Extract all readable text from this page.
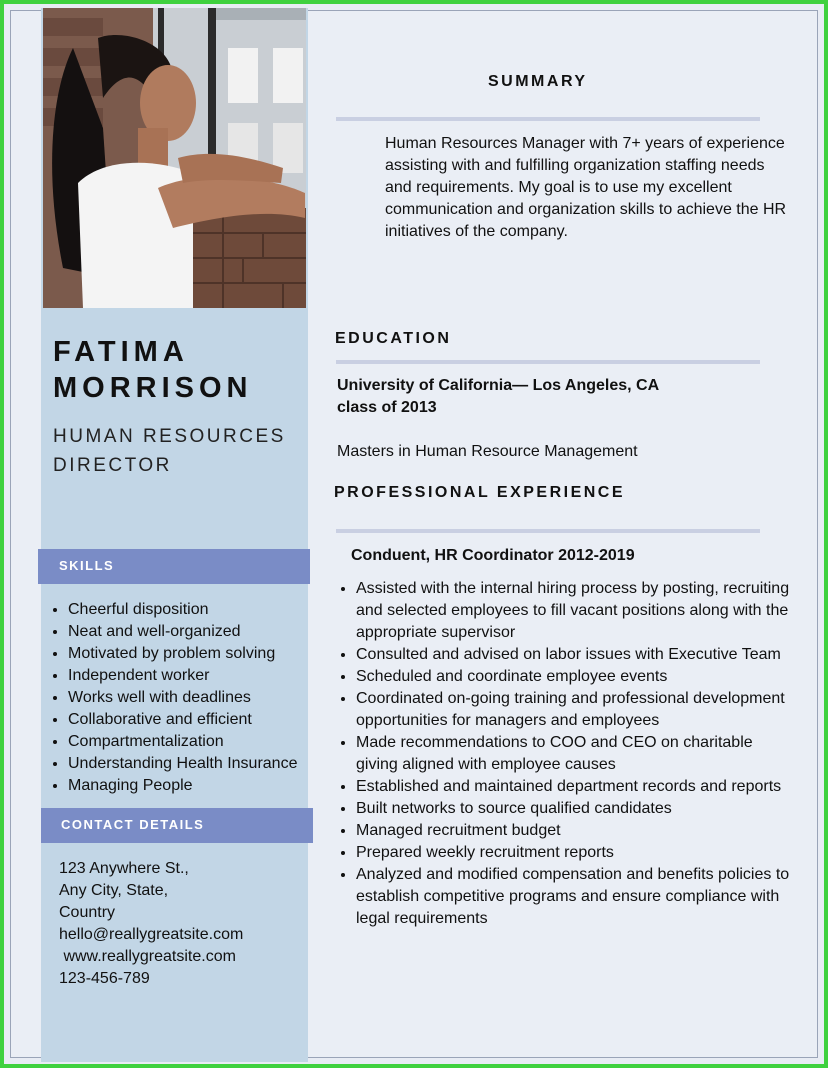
FATIMA
MORRISON
HUMAN RESOURCES
DIRECTOR
SKILLS
• Cheerful disposition
• Neat and well-organized
• Motivated by problem solving
• Independent worker
• Works well with deadlines
• Collaborative and efficient
• Compartmentalization
• Understanding Health Insurance
• Managing People
CONTACT DETAILS
123 Anywhere St.,
Any City, State,
Country
hello@reallygreatsite.com
www.reallygreatsite.com
123-456-789
SUMMARY
Human Resources Manager with 7+ years of experience assisting with and fulfilling organization staffing needs and requirements. My goal is to use my excellent communication and organization skills to achieve the HR initiatives of the company.
EDUCATION
University of California— Los Angeles, CA
class of 2013
Masters in Human Resource Management
PROFESSIONAL EXPERIENCE
Conduent, HR Coordinator 2012-2019
• Assisted with the internal hiring process by posting, recruiting and selected employees to fill vacant positions along with the appropriate supervisor
• Consulted and advised on labor issues with Executive Team
• Scheduled and coordinate employee events
• Coordinated on-going training and professional development opportunities for managers and employees
• Made recommendations to COO and CEO on charitable giving aligned with employee causes
• Established and maintained department records and reports
• Built networks to source qualified candidates
• Managed recruitment budget
• Prepared weekly recruitment reports
• Analyzed and modified compensation and benefits policies to establish competitive programs and ensure compliance with legal requirements
